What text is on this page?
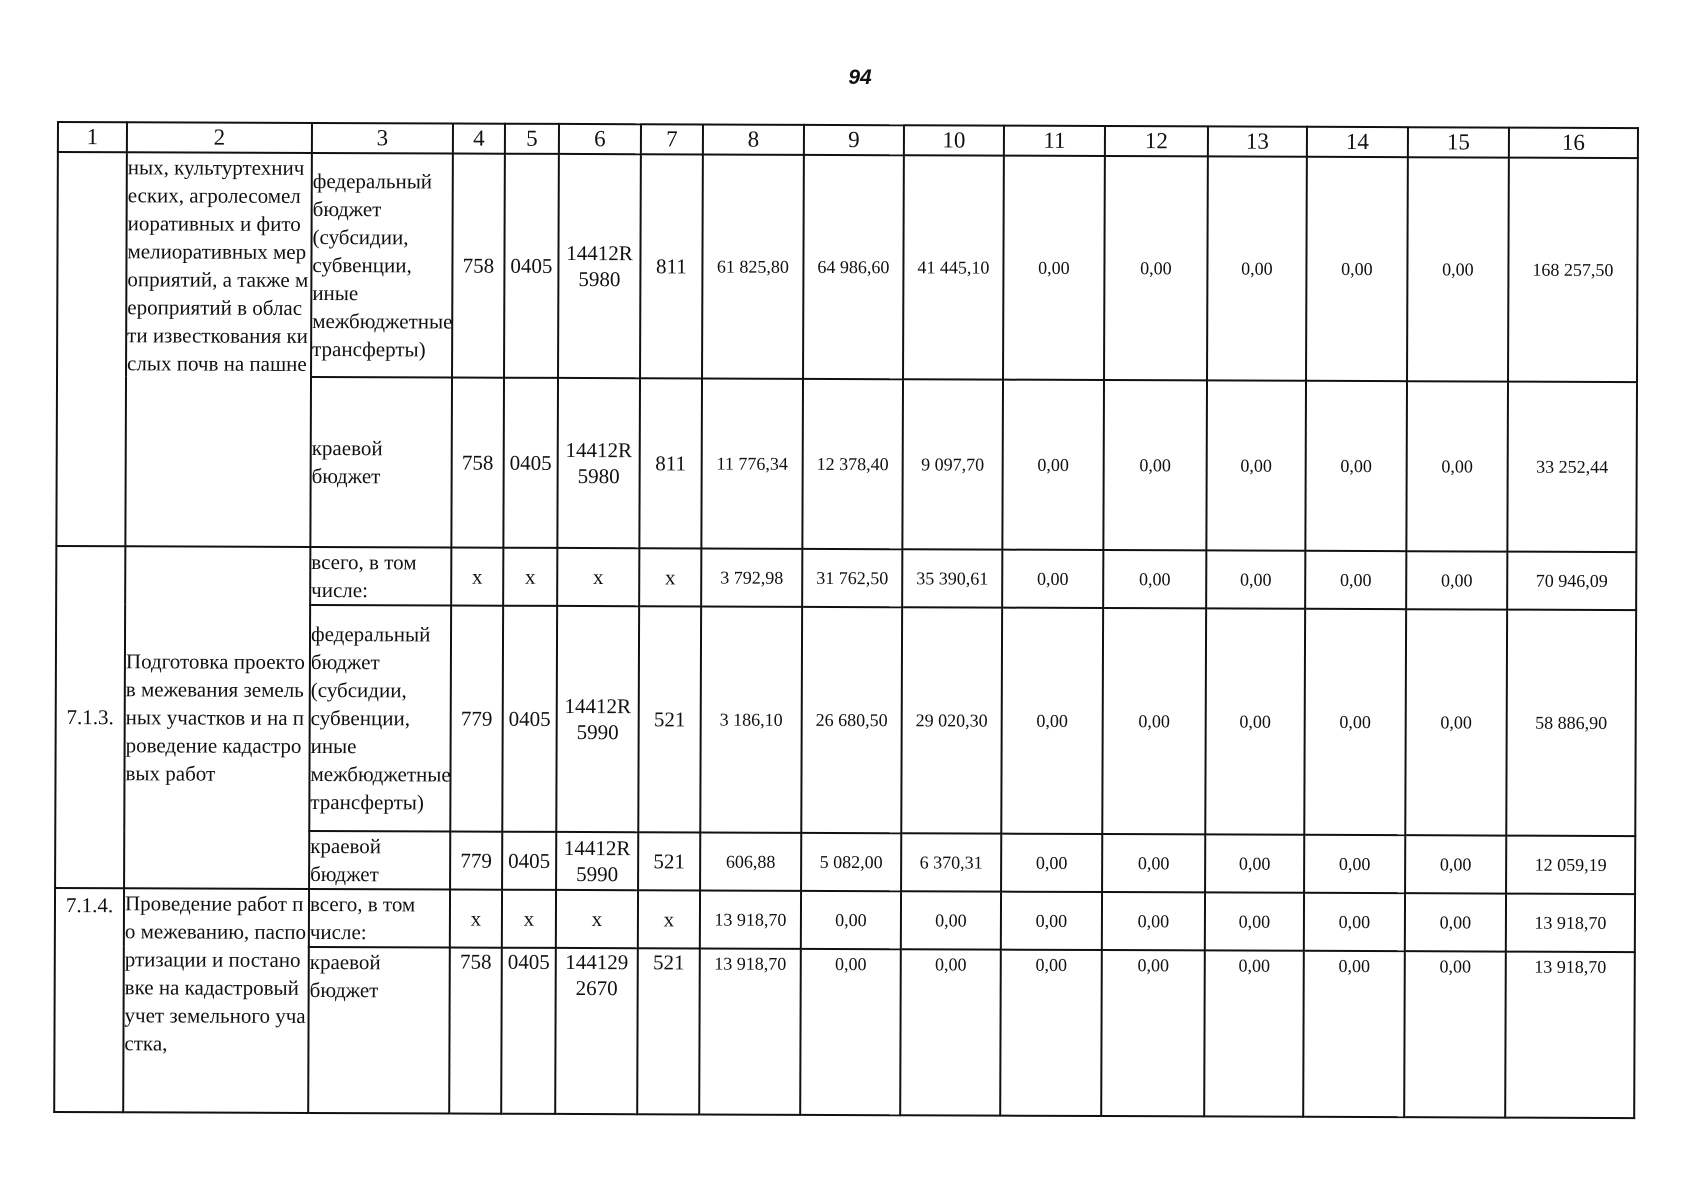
94
1	2	3	4	5	6	7	8	9	10	11	12	13	14	15	16
	ных, культуртехнических, агролесомелиоративных и фитомелиоративных мероприятий, а также мероприятий в области известкования кислых почв на пашне	федеральный бюджет (субсидии, субвенции, иные межбюджетные трансферты)	758	0405	14412R 5980	811	61 825,80	64 986,60	41 445,10	0,00	0,00	0,00	0,00	0,00	168 257,50
		краевой бюджет	758	0405	14412R 5980	811	11 776,34	12 378,40	9 097,70	0,00	0,00	0,00	0,00	0,00	33 252,44
7.1.3.	Подготовка проектов межевания земельных участков и на проведение кадастровых работ	всего, в том числе:	x	x	x	x	3 792,98	31 762,50	35 390,61	0,00	0,00	0,00	0,00	0,00	70 946,09
		федеральный бюджет (субсидии, субвенции, иные межбюджетные трансферты)	779	0405	14412R 5990	521	3 186,10	26 680,50	29 020,30	0,00	0,00	0,00	0,00	0,00	58 886,90
		краевой бюджет	779	0405	14412R 5990	521	606,88	5 082,00	6 370,31	0,00	0,00	0,00	0,00	0,00	12 059,19
7.1.4.	Проведение работ по межеванию, паспортизации и постановке на кадастровый учет земельного участка,	всего, в том числе:	x	x	x	x	13 918,70	0,00	0,00	0,00	0,00	0,00	0,00	0,00	13 918,70
		краевой бюджет	758	0405	144129 2670	521	13 918,70	0,00	0,00	0,00	0,00	0,00	0,00	0,00	13 918,70
